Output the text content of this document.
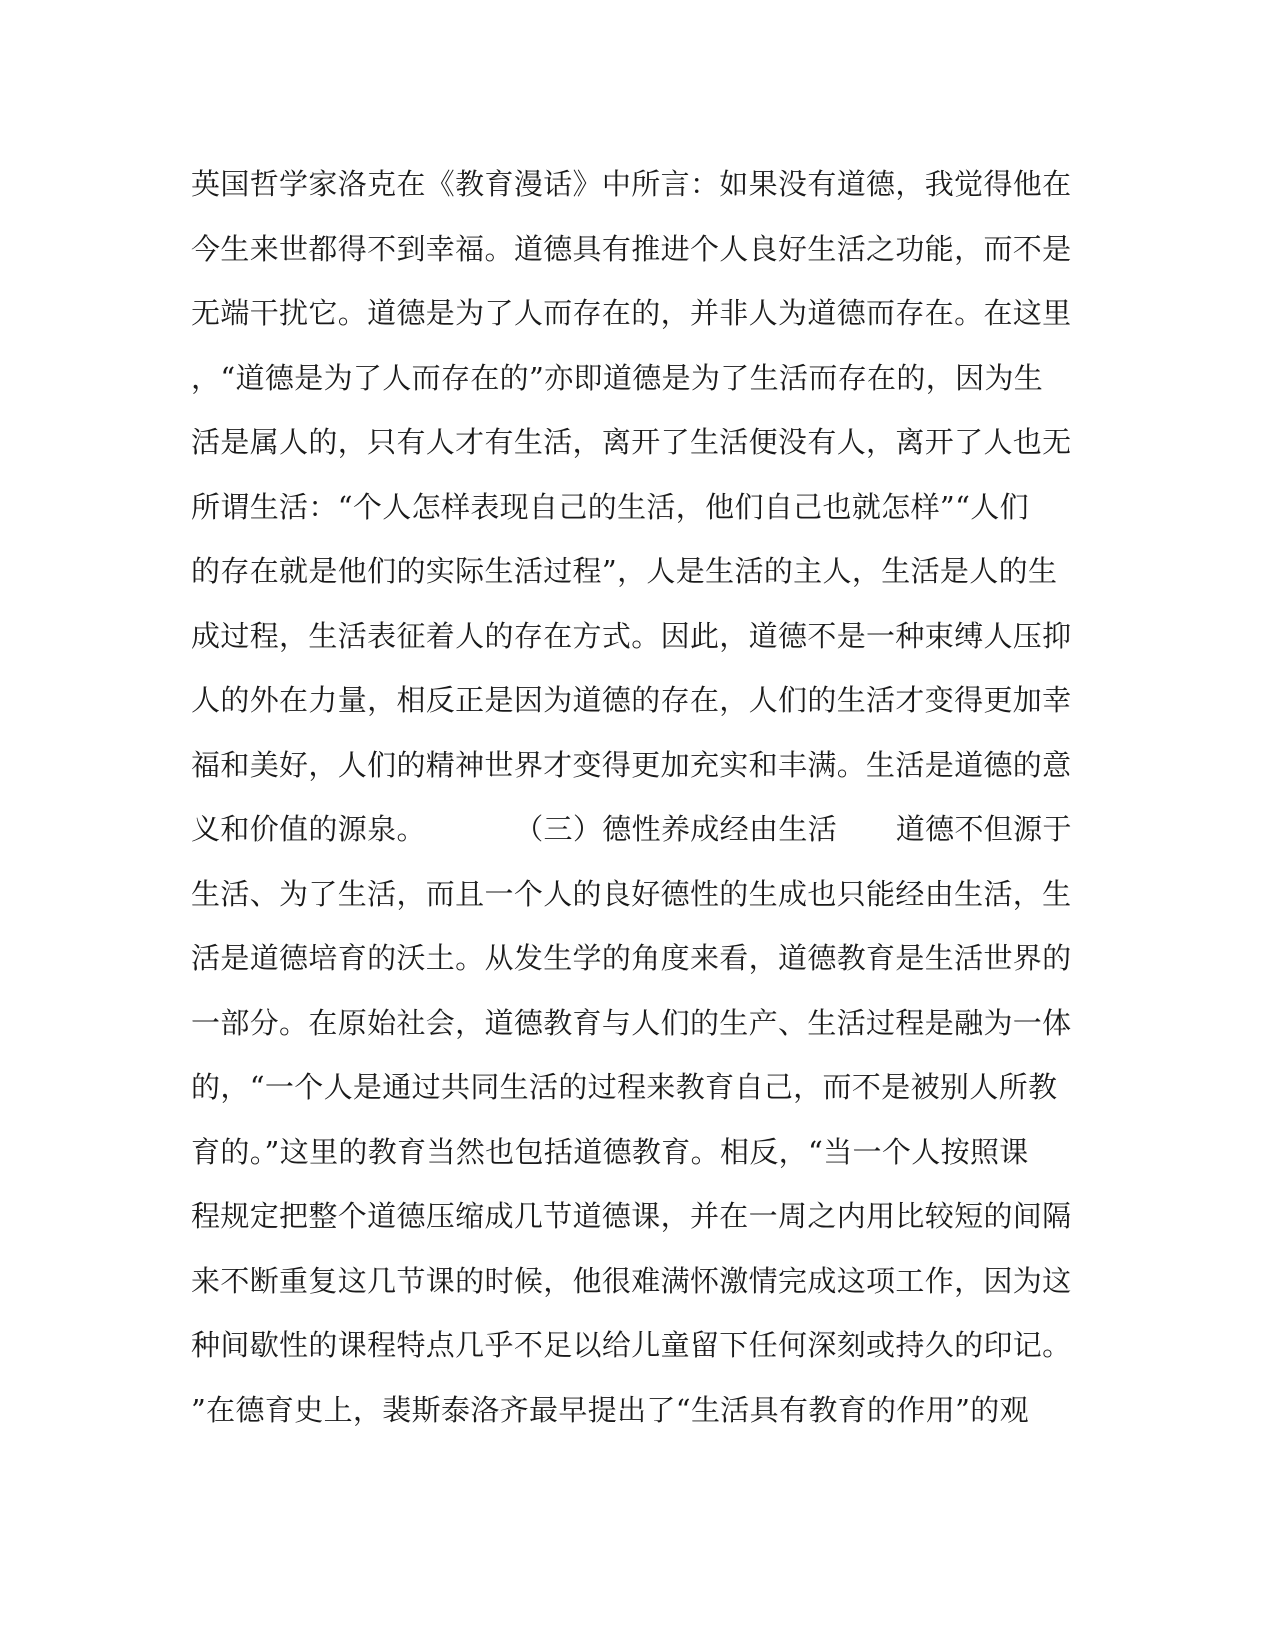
英国哲学家洛克在《教育漫话》中所言：如果没有道德，我觉得他在
今生来世都得不到幸福。道德具有推进个人良好生活之功能，而不是
无端干扰它。道德是为了人而存在的，并非人为道德而存在。在这里
，“道德是为了人而存在的”亦即道德是为了生活而存在的，因为生
活是属人的，只有人才有生活，离开了生活便没有人，离开了人也无
所谓生活：“个人怎样表现自己的生活，他们自己也就怎样”“人们
的存在就是他们的实际生活过程”，人是生活的主人，生活是人的生
成过程，生活表征着人的存在方式。因此，道德不是一种束缚人压抑
人的外在力量，相反正是因为道德的存在，人们的生活才变得更加幸
福和美好，人们的精神世界才变得更加充实和丰满。生活是道德的意
义和价值的源泉。　　　　（三）德性养成经由生活　　道德不但源于
生活、为了生活，而且一个人的良好德性的生成也只能经由生活，生
活是道德培育的沃土。从发生学的角度来看，道德教育是生活世界的
一部分。在原始社会，道德教育与人们的生产、生活过程是融为一体
的，“一个人是通过共同生活的过程来教育自己，而不是被别人所教
育的。”这里的教育当然也包括道德教育。相反，“当一个人按照课
程规定把整个道德压缩成几节道德课，并在一周之内用比较短的间隔
来不断重复这几节课的时候，他很难满怀激情完成这项工作，因为这
种间歇性的课程特点几乎不足以给儿童留下任何深刻或持久的印记。
”在德育史上，裴斯泰洛齐最早提出了“生活具有教育的作用”的观
